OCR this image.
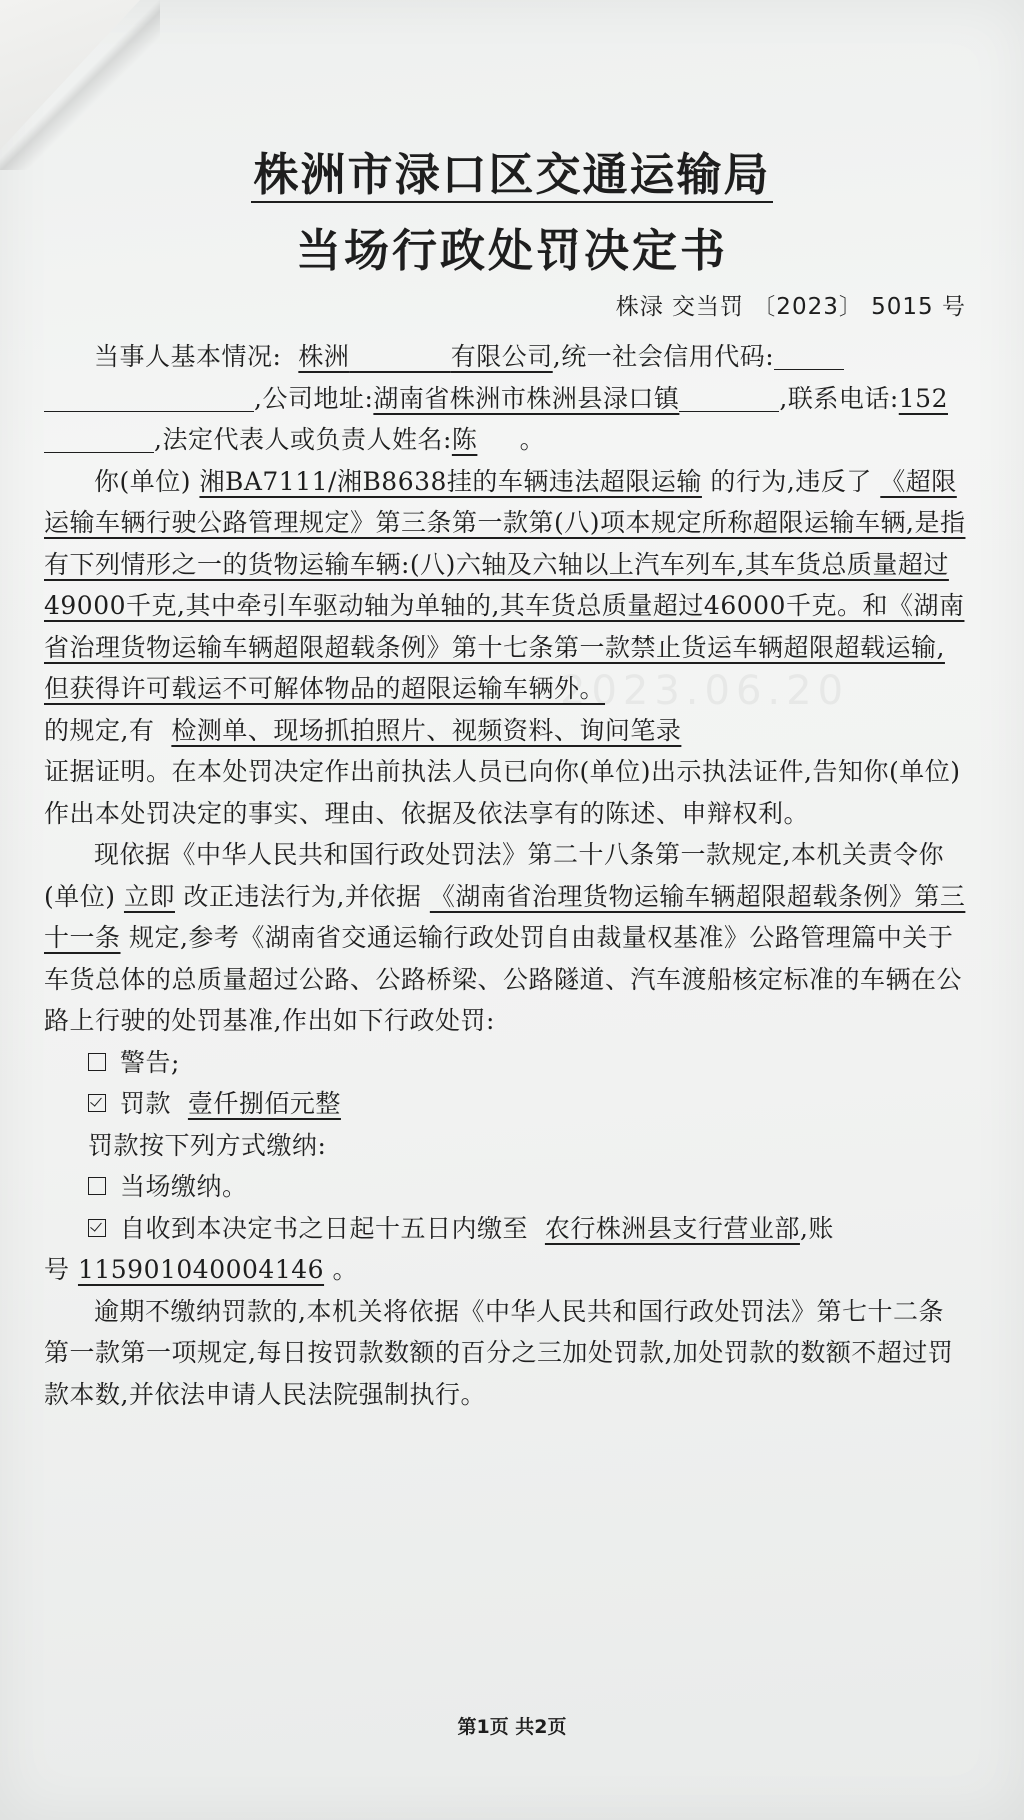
株洲市渌口区交通运输局
当场行政处罚决定书
株渌 交当罚 〔2023〕 5015 号
2023.06.20

当事人基本情况: 株洲	有限公司,统一社会信用代码:,公司地址:湖南省株洲市株洲县渌口镇	,联系电话:152,法定代表人或负责人姓名:陈 。

你(单位) 湘BA7111/湘B8638挂的车辆违法超限运输 的行为,违反了 《超限运输车辆行驶公路管理规定》第三条第一款第(八)项本规定所称超限运输车辆,是指有下列情形之一的货物运输车辆:(八)六轴及六轴以上汽车列车,其车货总质量超过49000千克,其中牵引车驱动轴为单轴的,其车货总质量超过46000千克。和《湖南省治理货物运输车辆超限超载条例》第十七条第一款禁止货运车辆超限超载运输,但获得许可载运不可解体物品的超限运输车辆外。

的规定,有 检测单、现场抓拍照片、视频资料、询问笔录

证据证明。在本处罚决定作出前执法人员已向你(单位)出示执法证件,告知你(单位)作出本处罚决定的事实、理由、依据及依法享有的陈述、申辩权利。

现依据《中华人民共和国行政处罚法》第二十八条第一款规定,本机关责令你(单位) 立即 改正违法行为,并依据 《湖南省治理货物运输车辆超限超载条例》第三十一条 规定,参考《湖南省交通运输行政处罚自由裁量权基准》公路管理篇中关于车货总体的总质量超过公路、公路桥梁、公路隧道、汽车渡船核定标准的车辆在公路上行驶的处罚基准,作出如下行政处罚:

警告;

罚款 壹仟捌佰元整

罚款按下列方式缴纳:

当场缴纳。

自收到本决定书之日起十五日内缴至 农行株洲县支行营业部,账号 115901040004146 。

逾期不缴纳罚款的,本机关将依据《中华人民共和国行政处罚法》第七十二条第一款第一项规定,每日按罚款数额的百分之三加处罚款,加处罚款的数额不超过罚款本数,并依法申请人民法院强制执行。

第1页 共2页
